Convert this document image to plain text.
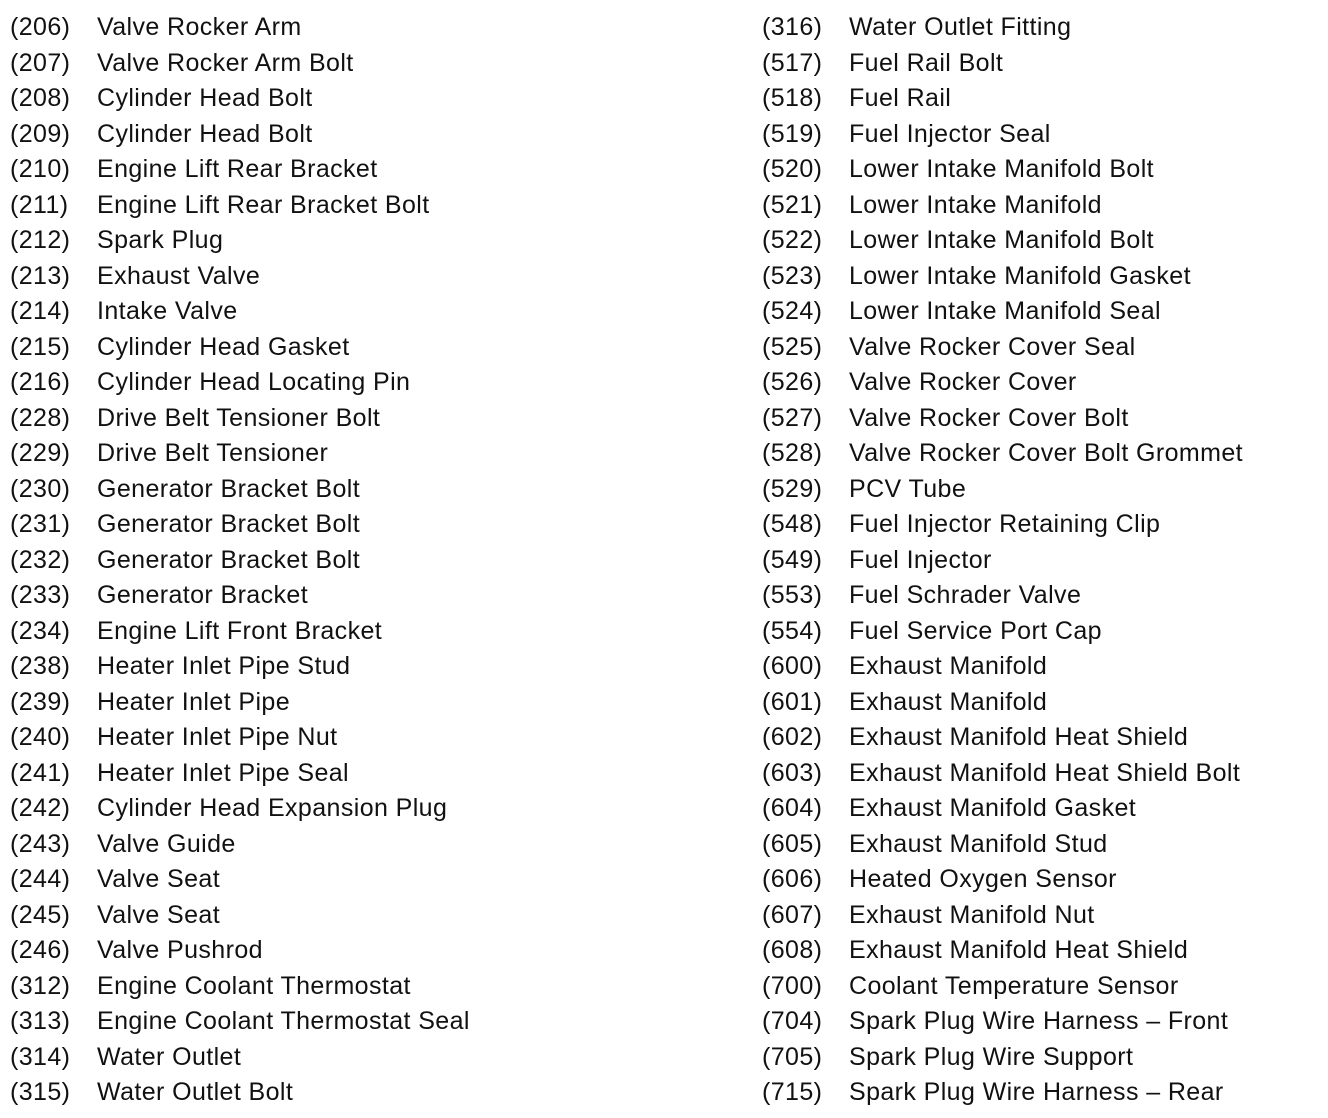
(206) Valve Rocker Arm
(207) Valve Rocker Arm Bolt
(208) Cylinder Head Bolt
(209) Cylinder Head Bolt
(210) Engine Lift Rear Bracket
(211) Engine Lift Rear Bracket Bolt
(212) Spark Plug
(213) Exhaust Valve
(214) Intake Valve
(215) Cylinder Head Gasket
(216) Cylinder Head Locating Pin
(228) Drive Belt Tensioner Bolt
(229) Drive Belt Tensioner
(230) Generator Bracket Bolt
(231) Generator Bracket Bolt
(232) Generator Bracket Bolt
(233) Generator Bracket
(234) Engine Lift Front Bracket
(238) Heater Inlet Pipe Stud
(239) Heater Inlet Pipe
(240) Heater Inlet Pipe Nut
(241) Heater Inlet Pipe Seal
(242) Cylinder Head Expansion Plug
(243) Valve Guide
(244) Valve Seat
(245) Valve Seat
(246) Valve Pushrod
(312) Engine Coolant Thermostat
(313) Engine Coolant Thermostat Seal
(314) Water Outlet
(315) Water Outlet Bolt
(316) Water Outlet Fitting
(517) Fuel Rail Bolt
(518) Fuel Rail
(519) Fuel Injector Seal
(520) Lower Intake Manifold Bolt
(521) Lower Intake Manifold
(522) Lower Intake Manifold Bolt
(523) Lower Intake Manifold Gasket
(524) Lower Intake Manifold Seal
(525) Valve Rocker Cover Seal
(526) Valve Rocker Cover
(527) Valve Rocker Cover Bolt
(528) Valve Rocker Cover Bolt Grommet
(529) PCV Tube
(548) Fuel Injector Retaining Clip
(549) Fuel Injector
(553) Fuel Schrader Valve
(554) Fuel Service Port Cap
(600) Exhaust Manifold
(601) Exhaust Manifold
(602) Exhaust Manifold Heat Shield
(603) Exhaust Manifold Heat Shield Bolt
(604) Exhaust Manifold Gasket
(605) Exhaust Manifold Stud
(606) Heated Oxygen Sensor
(607) Exhaust Manifold Nut
(608) Exhaust Manifold Heat Shield
(700) Coolant Temperature Sensor
(704) Spark Plug Wire Harness – Front
(705) Spark Plug Wire Support
(715) Spark Plug Wire Harness – Rear
